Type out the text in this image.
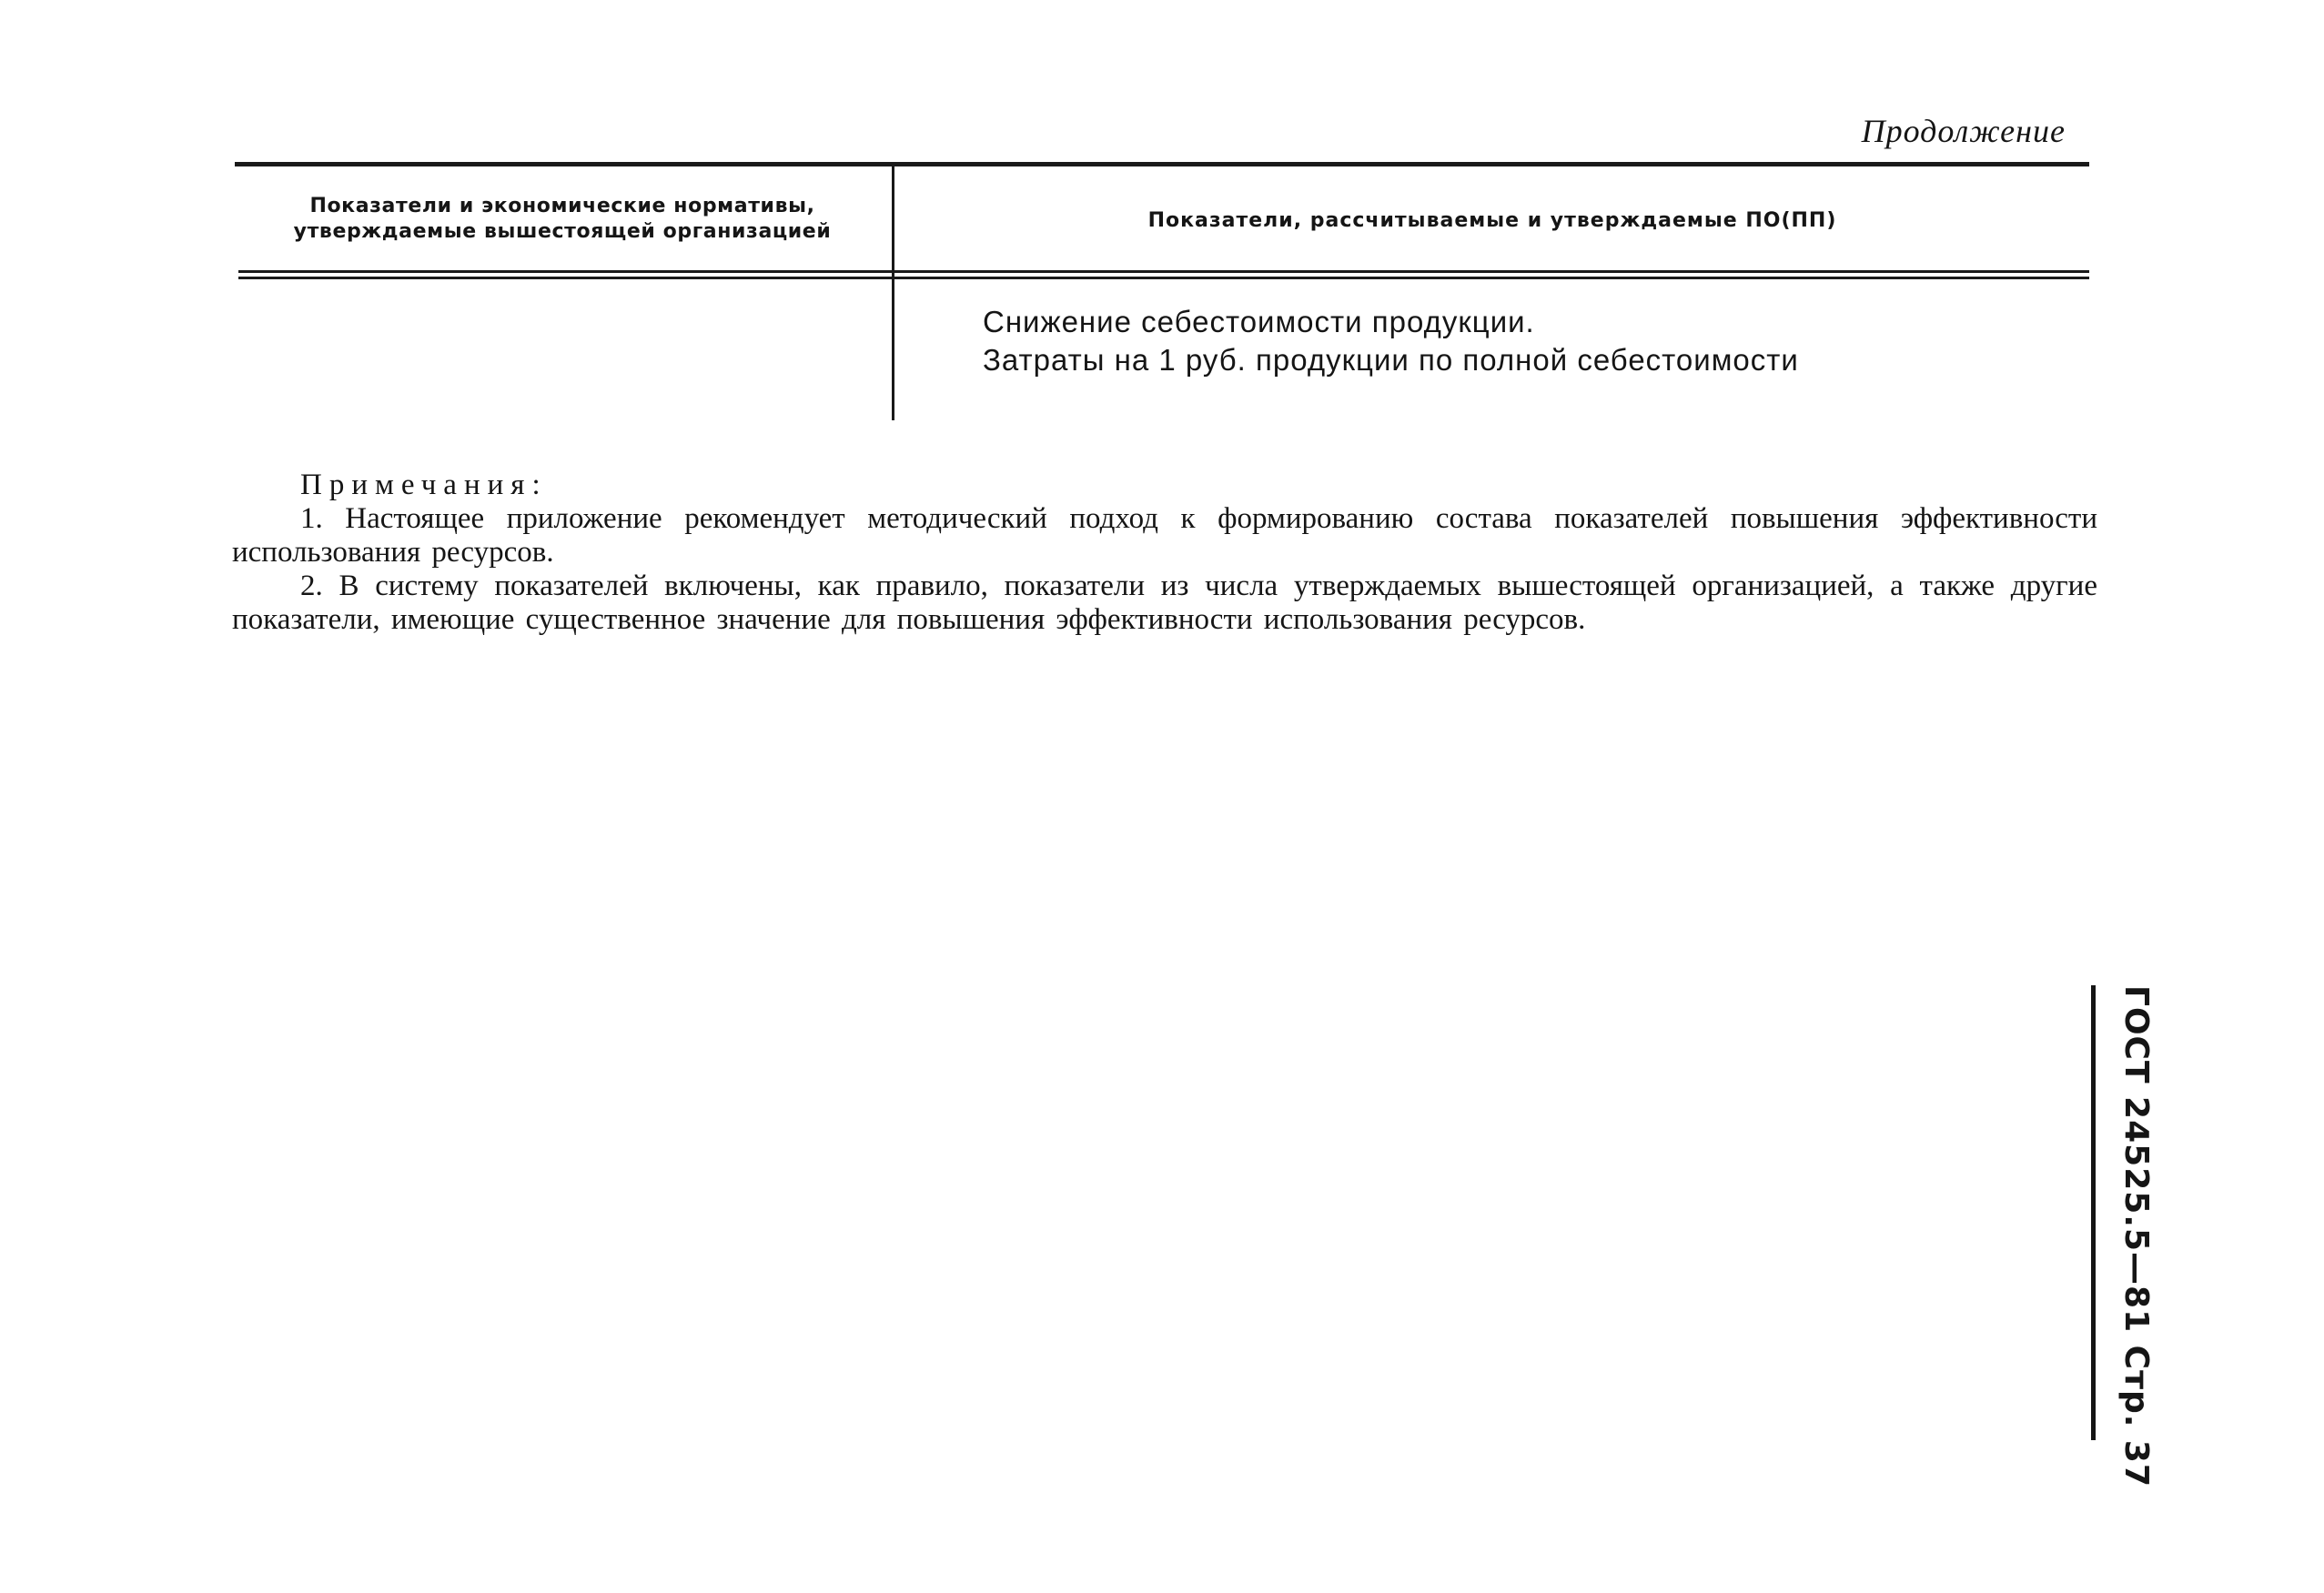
Продолжение
Показатели и экономические нормативы, утверждаемые вышестоящей организацией	Показатели, рассчитываемые и утверждаемые ПО(ПП)
Снижение себестоимости продукции.
Затраты на 1 руб. продукции по полной себестоимости
Примечания:
1. Настоящее приложение рекомендует методический подход к формированию состава показателей повышения эффективности использования ресурсов.
2. В систему показателей включены, как правило, показатели из числа утверждаемых вышестоящей организацией, а также другие показатели, имеющие существенное значение для повышения эффективности использования ресурсов.
ГОСТ 24525.5—81 Стр. 37
